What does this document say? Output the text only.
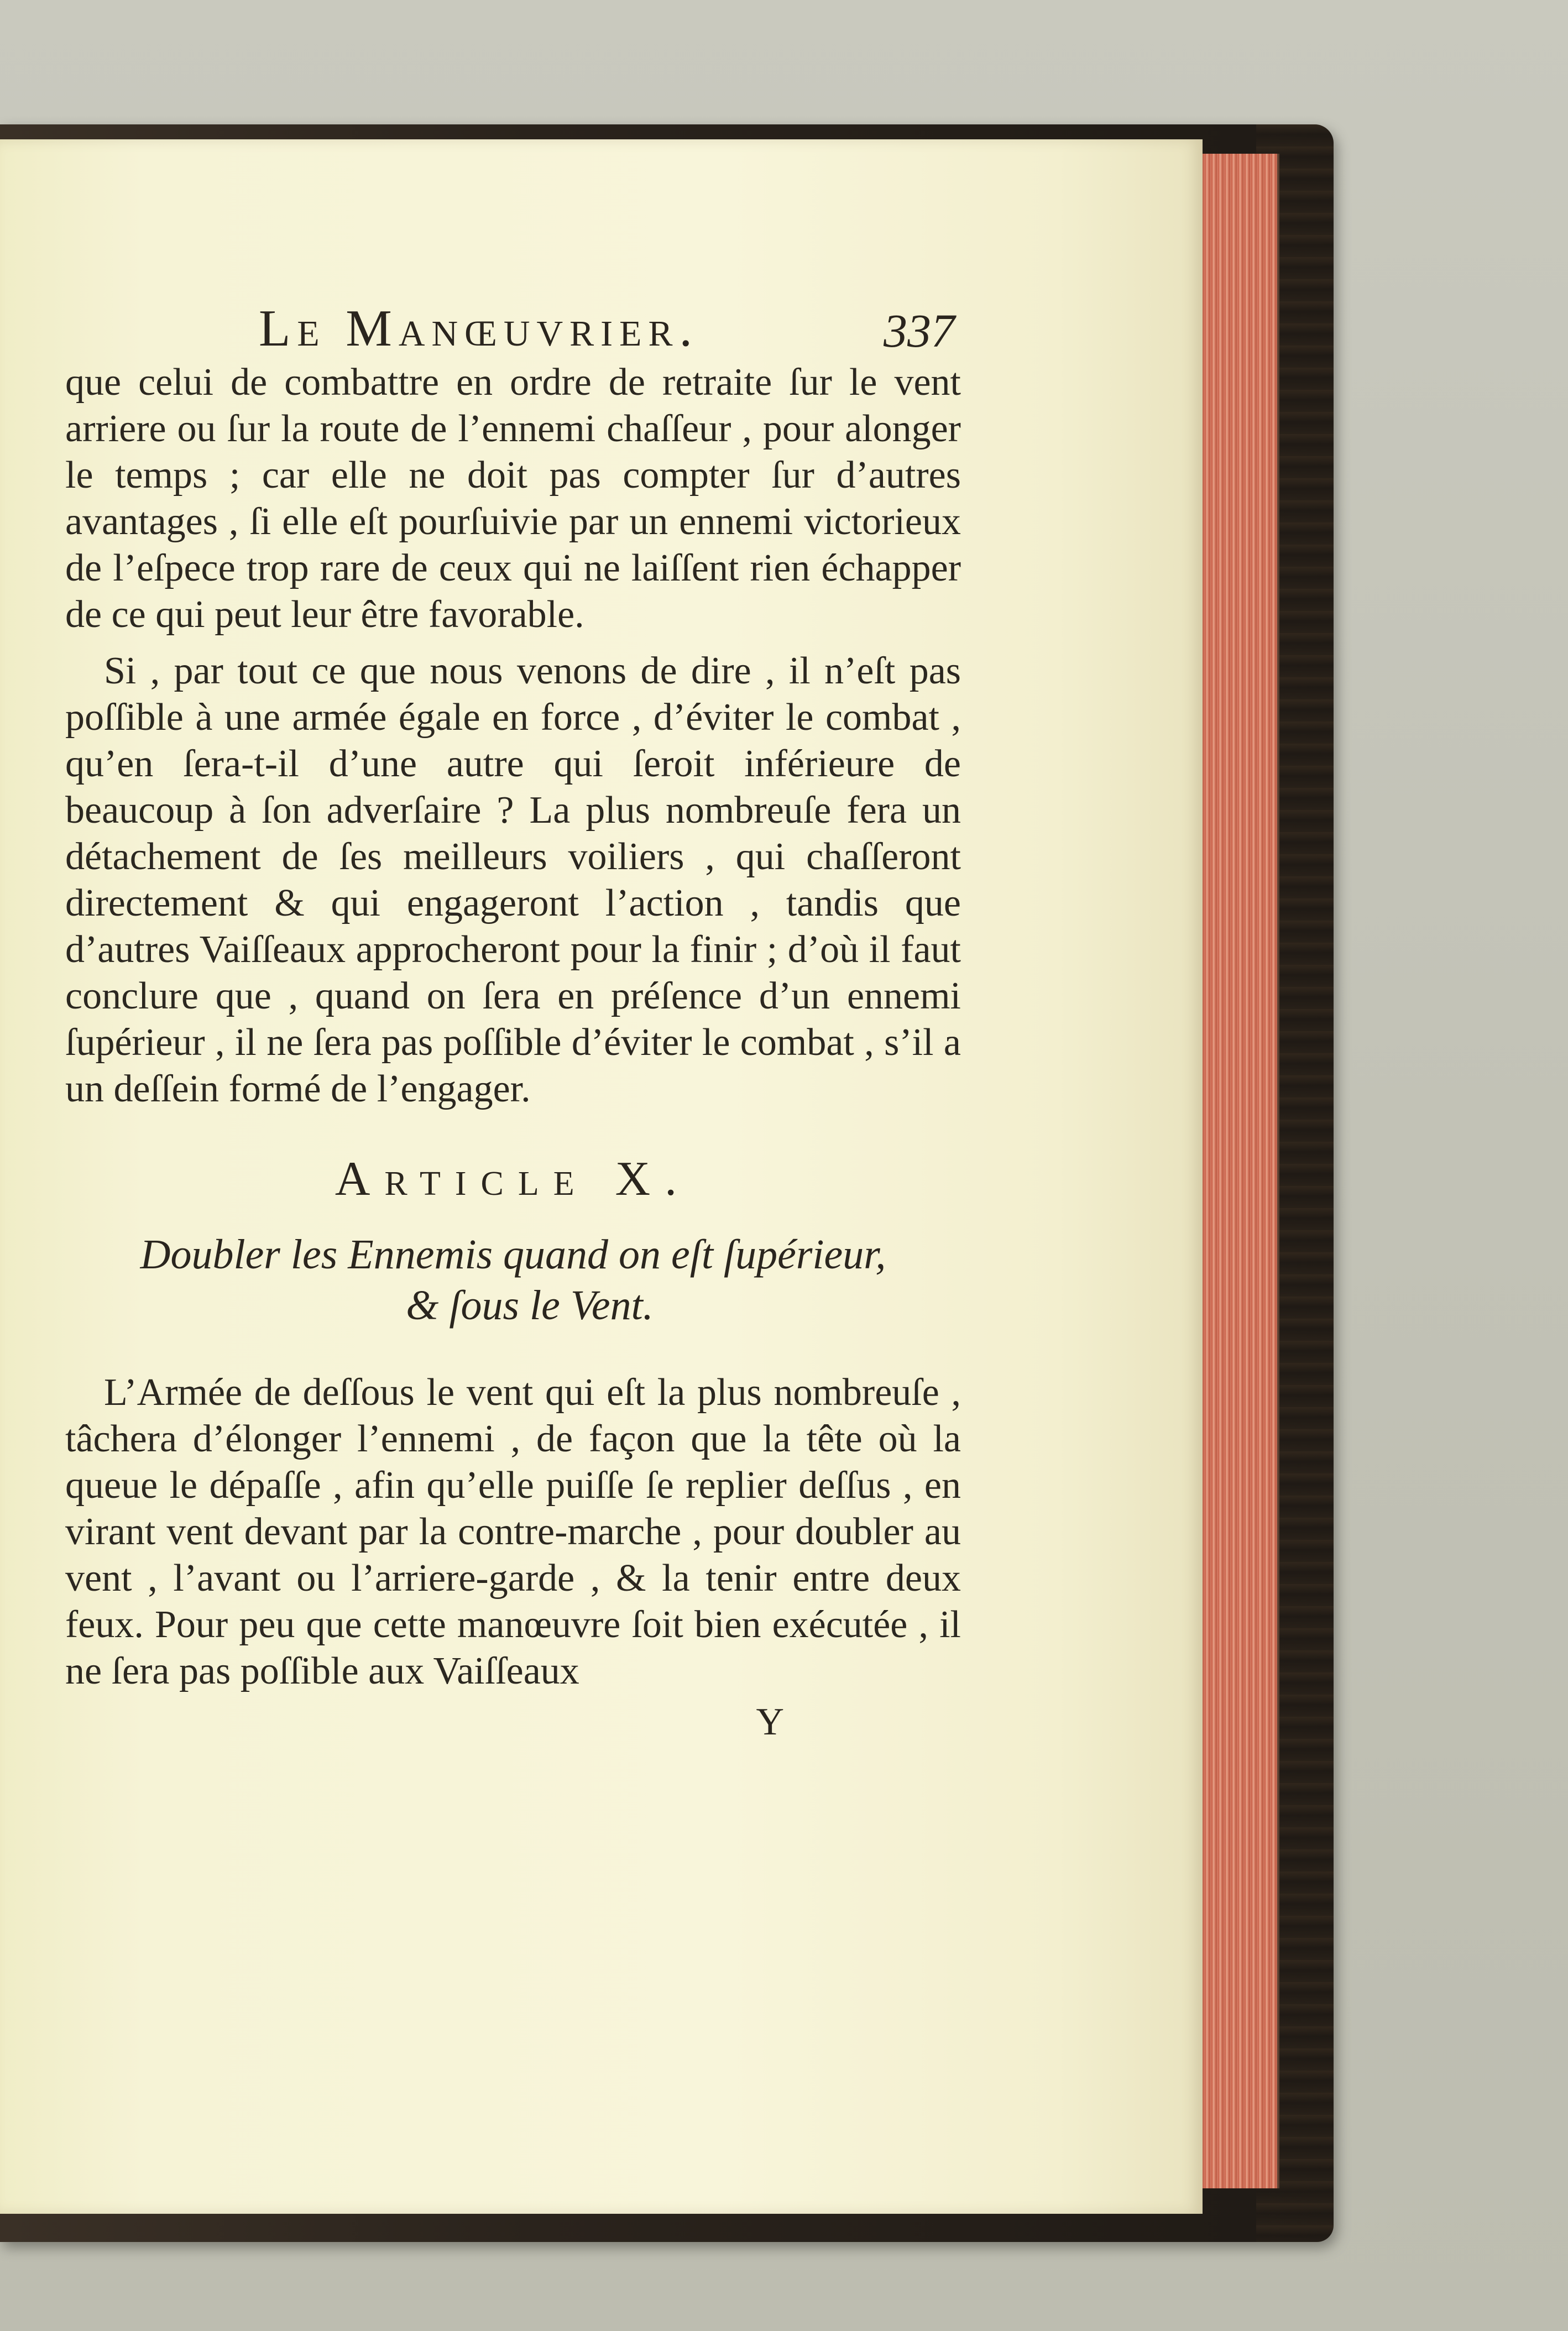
Le Manœuvrier.	337

que celui de combattre en ordre de retraite ſur le vent arriere ou ſur la route de l’ennemi chaſſeur , pour alonger le temps ; car elle ne doit pas compter ſur d’autres avantages , ſi elle eſt pourſuivie par un ennemi victorieux de l’eſpece trop rare de ceux qui ne laiſſent rien échapper de ce qui peut leur être favorable.

Si , par tout ce que nous venons de dire , il n’eſt pas poſſible à une armée égale en force , d’éviter le combat , qu’en ſera-t-il d’une autre qui ſeroit inférieure de beaucoup à ſon adverſaire ? La plus nombreuſe fera un détachement de ſes meilleurs voiliers , qui chaſſeront directement & qui engageront l’action , tandis que d’autres Vaiſſeaux approcheront pour la finir ; d’où il faut conclure que , quand on ſera en préſence d’un ennemi ſupérieur , il ne ſera pas poſſible d’éviter le combat , s’il a un deſſein formé de l’engager.

Article X.

Doubler les Ennemis quand on eſt ſupérieur,
& ſous le Vent.

L’Armée de deſſous le vent qui eſt la plus nombreuſe , tâchera d’élonger l’ennemi , de façon que la tête où la queue le dépaſſe , afin qu’elle puiſſe ſe replier deſſus , en virant vent devant par la contre-marche , pour doubler au vent , l’avant ou l’arriere-garde , & la tenir entre deux feux. Pour peu que cette manœuvre ſoit bien exécutée , il ne ſera pas poſſible aux Vaiſſeaux

Y
